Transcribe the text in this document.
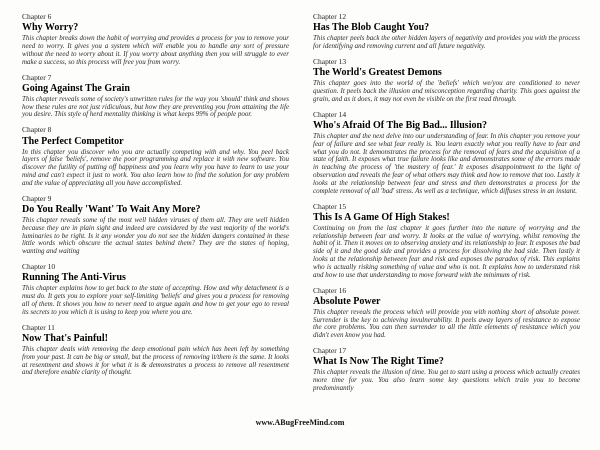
Chapter 6
Why Worry?

This chapter breaks down the habit of worrying and provides a process for you to remove your need to worry. It gives you a system which will enable you to handle any sort of pressure without the need to worry about it. If you worry about anything then you will struggle to ever make a success, so this process will free you from worry.

Chapter 7
Going Against The Grain

This chapter reveals some of society's unwritten rules for the way you 'should' think and shows how these rules are not just ridiculous, but how they are preventing you from attaining the life you desire. This style of herd mentality thinking is what keeps 99% of people poor.

Chapter 8
The Perfect Competitor

In this chapter you discover who you are actually competing with and why. You peel back layers of false 'beliefs', remove the poor programming and replace it with new software. You discover the futility of putting off happiness and you learn why you have to learn to use your mind and can't expect it just to work. You also learn how to find the solution for any problem and the value of appreciating all you have accomplished.

Chapter 9
Do You Really 'Want' To Wait Any More?

This chapter reveals some of the most well hidden viruses of them all. They are well hidden because they are in plain sight and indeed are considered by the vast majority of the world's luminaries to be right. Is it any wonder you do not see the hidden dangers contained in these little words which obscure the actual states behind them? They are the states of hoping, wanting and waiting

Chapter 10
Running The Anti-Virus

This chapter explains how to get back to the state of accepting. How and why detachment is a must do. It gets you to explore your self-limiting 'beliefs' and gives you a process for removing all of them. It shows you how to never need to argue again and how to get your ego to reveal its secrets to you which it is using to keep you where you are.

Chapter 11
Now That's Painful!

This chapter deals with removing the deep emotional pain which has been left by something from your past. It can be big or small, but the process of removing it/them is the same. It looks at resentment and shows it for what it is & demonstrates a process to remove all resentment and therefore enable clarity of thought.

Chapter 12
Has The Blob Caught You?

This chapter peels back the other hidden layers of negativity and provides you with the process for identifying and removing current and all future negativity.

Chapter 13
The World's Greatest Demons

This chapter goes into the world of the 'beliefs' which we/you are conditioned to never question. It peels back the illusion and misconception regarding charity. This goes against the grain, and as it does, it may not even be visible on the first read through.

Chapter 14
Who's Afraid Of The Big Bad... Illusion?

This chapter and the next delve into our understanding of fear. In this chapter you remove your fear of failure and see what fear really is. You learn exactly what you really have to fear and what you do not. It demonstrates the process for the removal of fears and the acquisition of a state of faith. It exposes what true failure looks like and demonstrates some of the errors made in teaching the process of 'the mastery of fear.' It exposes disappointment to the light of observation and reveals the fear of what others may think and how to remove that too. Lastly it looks at the relationship between fear and stress and then demonstrates a process for the complete removal of all 'bad' stress. As well as a technique, which diffuses stress in an instant.

Chapter 15
This Is A Game Of High Stakes!

Continuing on from the last chapter it goes further into the nature of worrying and the relationship between fear and worry. It looks at the value of worrying, whilst removing the habit of it. Then it moves on to observing anxiety and its relationship to fear. It exposes the bad side of it and the good side and provides a process for dissolving the bad side. Then lastly it looks at the relationship between fear and risk and exposes the paradox of risk. This explains who is actually risking something of value and who is not. It explains how to understand risk and how to use that understanding to move forward with the minimum of risk.

Chapter 16
Absolute Power

This chapter reveals the process which will provide you with nothing short of absolute power. Surrender is the key to achieving invulnerability. It peels away layers of resistance to expose the core problems. You can then surrender to all the little elements of resistance which you didn't even know you had.

Chapter 17
What Is Now The Right Time?

This chapter reveals the illusion of time. You get to start using a process which actually creates more time for you. You also learn some key questions which train you to become predominantly

www.ABugFreeMind.com
